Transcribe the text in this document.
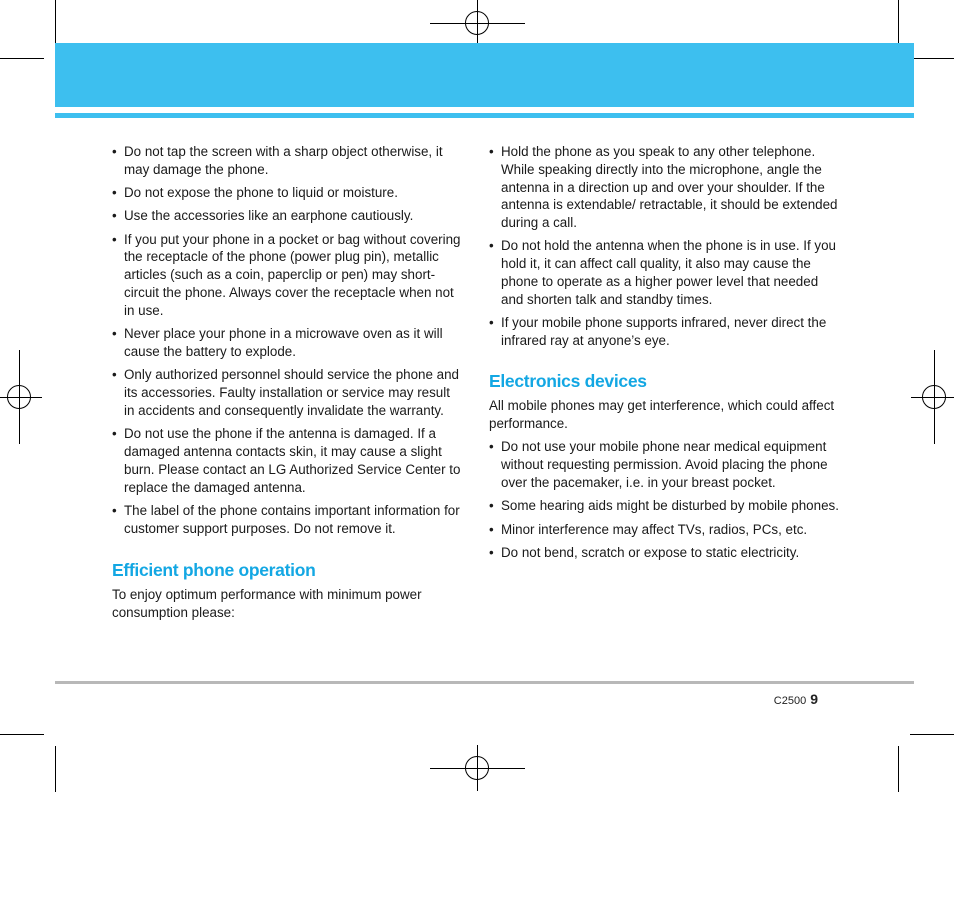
• Do not tap the screen with a sharp object otherwise, it may damage the phone.
• Do not expose the phone to liquid or moisture.
• Use the accessories like an earphone cautiously.
• If you put your phone in a pocket or bag without covering the receptacle of the phone (power plug pin), metallic articles (such as a coin, paperclip or pen) may short-circuit the phone. Always cover the receptacle when not in use.
• Never place your phone in a microwave oven as it will cause the battery to explode.
• Only authorized personnel should service the phone and its accessories. Faulty installation or service may result in accidents and consequently invalidate the warranty.
• Do not use the phone if the antenna is damaged. If a damaged antenna contacts skin, it may cause a slight burn. Please contact an LG Authorized Service Center to replace the damaged antenna.
• The label of the phone contains important information for customer support purposes. Do not remove it.
Efficient phone operation

To enjoy optimum performance with minimum power consumption please:

• Hold the phone as you speak to any other telephone. While speaking directly into the microphone, angle the antenna in a direction up and over your shoulder. If the antenna is extendable/ retractable, it should be extended during a call.
• Do not hold the antenna when the phone is in use. If you hold it, it can affect call quality, it also may cause the phone to operate as a higher power level that needed and shorten talk and standby times.
• If your mobile phone supports infrared, never direct the infrared ray at anyone’s eye.
Electronics devices

All mobile phones may get interference, which could affect performance.

• Do not use your mobile phone near medical equipment without requesting permission. Avoid placing the phone over the pacemaker, i.e. in your breast pocket.
• Some hearing aids might be disturbed by mobile phones.
• Minor interference may affect TVs, radios, PCs, etc.
• Do not bend, scratch or expose to static electricity.
C2500 9
